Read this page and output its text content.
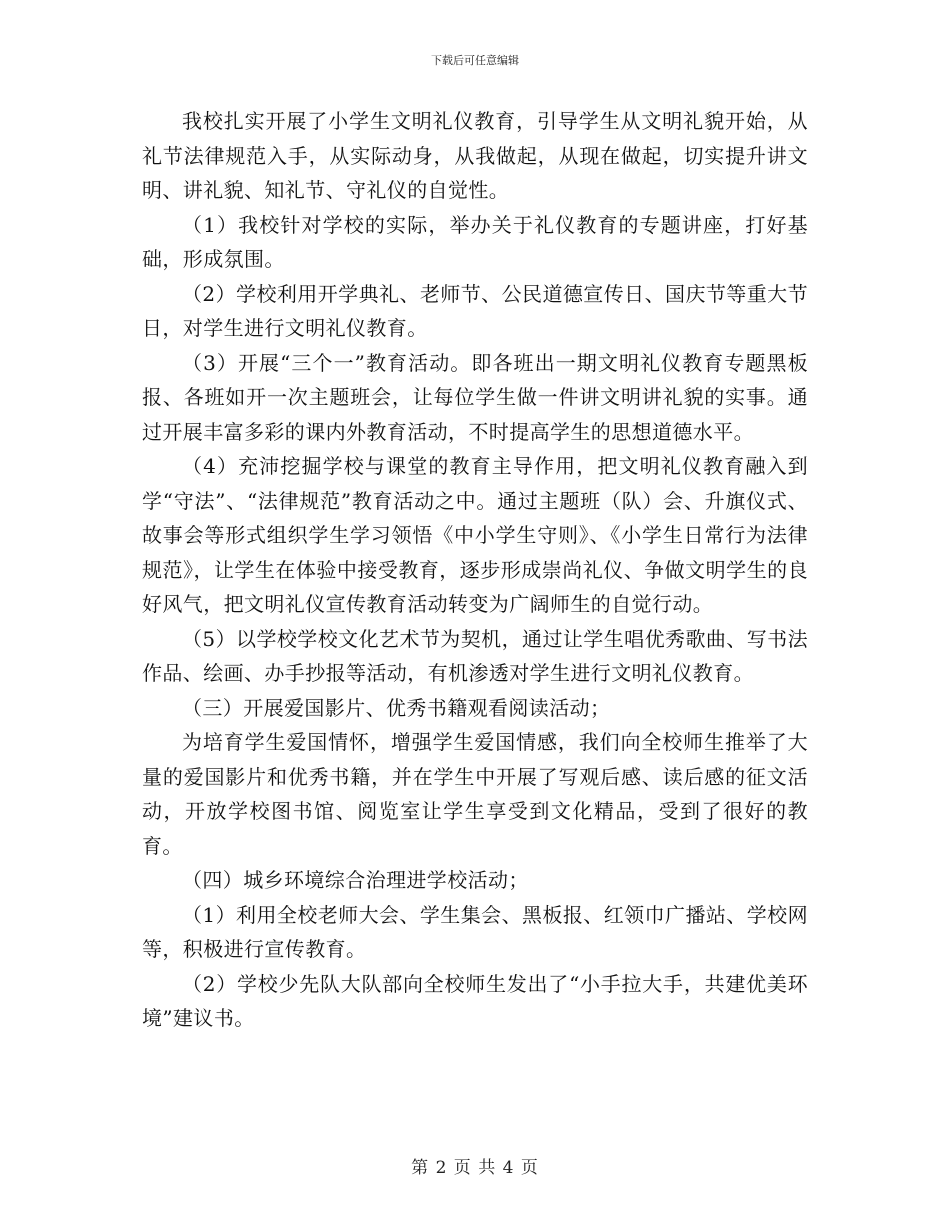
下载后可任意编辑

我校扎实开展了小学生文明礼仪教育，引导学生从文明礼貌开始，从礼节法律规范入手，从实际动身，从我做起，从现在做起，切实提升讲文明、讲礼貌、知礼节、守礼仪的自觉性。

（1）我校针对学校的实际，举办关于礼仪教育的专题讲座，打好基础，形成氛围。

（2）学校利用开学典礼、老师节、公民道德宣传日、国庆节等重大节日，对学生进行文明礼仪教育。

（3）开展“三个一”教育活动。即各班出一期文明礼仪教育专题黑板报、各班如开一次主题班会，让每位学生做一件讲文明讲礼貌的实事。通过开展丰富多彩的课内外教育活动，不时提高学生的思想道德水平。

（4）充沛挖掘学校与课堂的教育主导作用，把文明礼仪教育融入到学“守法”、“法律规范”教育活动之中。通过主题班（队）会、升旗仪式、故事会等形式组织学生学习领悟《中小学生守则》、《小学生日常行为法律规范》，让学生在体验中接受教育，逐步形成崇尚礼仪、争做文明学生的良好风气，把文明礼仪宣传教育活动转变为广阔师生的自觉行动。

（5）以学校学校文化艺术节为契机，通过让学生唱优秀歌曲、写书法作品、绘画、办手抄报等活动，有机渗透对学生进行文明礼仪教育。

（三）开展爱国影片、优秀书籍观看阅读活动；

为培育学生爱国情怀，增强学生爱国情感，我们向全校师生推举了大量的爱国影片和优秀书籍，并在学生中开展了写观后感、读后感的征文活动，开放学校图书馆、阅览室让学生享受到文化精品，受到了很好的教育。

（四）城乡环境综合治理进学校活动；

（1）利用全校老师大会、学生集会、黑板报、红领巾广播站、学校网等，积极进行宣传教育。

（2）学校少先队大队部向全校师生发出了“小手拉大手，共建优美环境”建议书。

第 2 页 共 4 页
